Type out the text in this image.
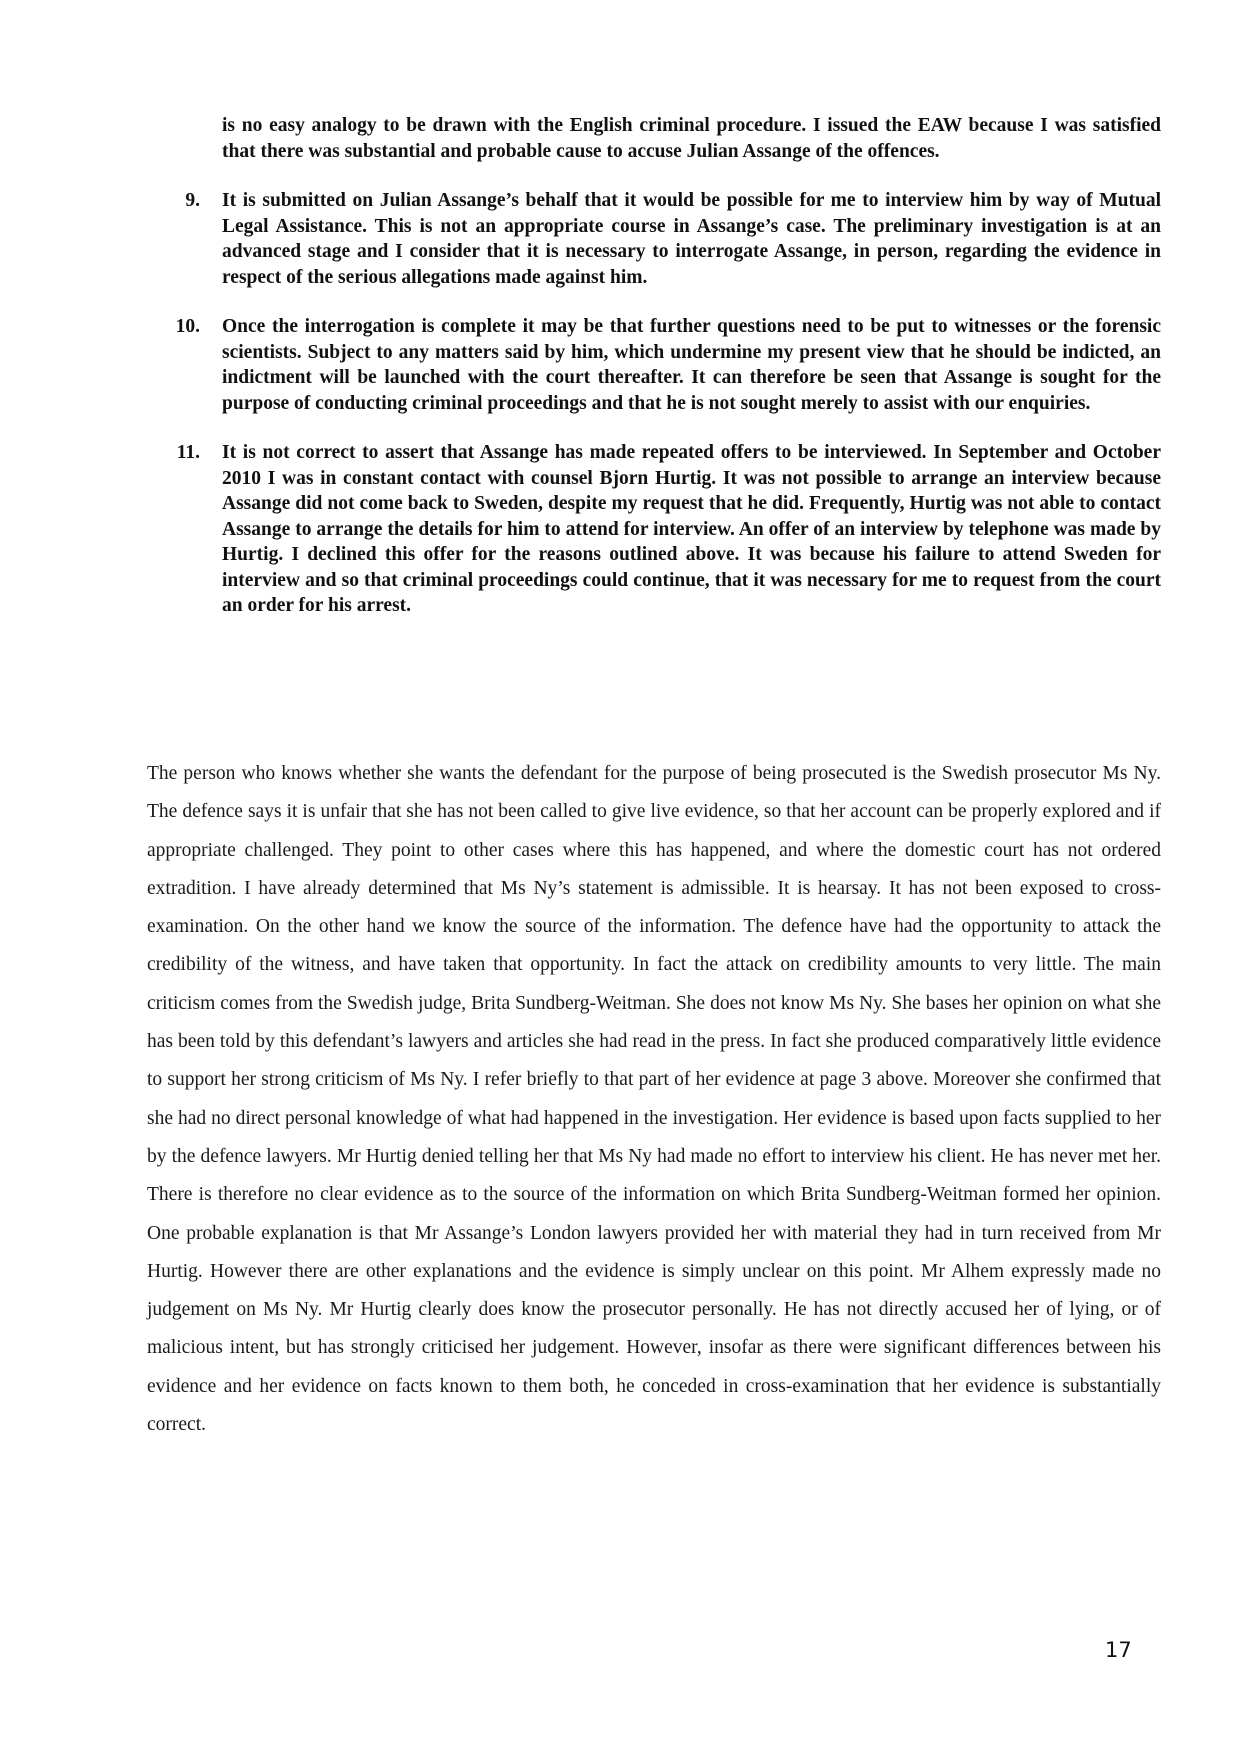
is no easy analogy to be drawn with the English criminal procedure. I issued the EAW because I was satisfied that there was substantial and probable cause to accuse Julian Assange of the offences.
9.	It is submitted on Julian Assange’s behalf that it would be possible for me to interview him by way of Mutual Legal Assistance. This is not an appropriate course in Assange’s case. The preliminary investigation is at an advanced stage and I consider that it is necessary to interrogate Assange, in person, regarding the evidence in respect of the serious allegations made against him.
10.	Once the interrogation is complete it may be that further questions need to be put to witnesses or the forensic scientists. Subject to any matters said by him, which undermine my present view that he should be indicted, an indictment will be launched with the court thereafter. It can therefore be seen that Assange is sought for the purpose of conducting criminal proceedings and that he is not sought merely to assist with our enquiries.
11.	It is not correct to assert that Assange has made repeated offers to be interviewed. In September and October 2010 I was in constant contact with counsel Bjorn Hurtig. It was not possible to arrange an interview because Assange did not come back to Sweden, despite my request that he did. Frequently, Hurtig was not able to contact Assange to arrange the details for him to attend for interview. An offer of an interview by telephone was made by Hurtig. I declined this offer for the reasons outlined above. It was because his failure to attend Sweden for interview and so that criminal proceedings could continue, that it was necessary for me to request from the court an order for his arrest.
The person who knows whether she wants the defendant for the purpose of being prosecuted is the Swedish prosecutor Ms Ny. The defence says it is unfair that she has not been called to give live evidence, so that her account can be properly explored and if appropriate challenged. They point to other cases where this has happened, and where the domestic court has not ordered extradition. I have already determined that Ms Ny’s statement is admissible. It is hearsay. It has not been exposed to cross-examination. On the other hand we know the source of the information. The defence have had the opportunity to attack the credibility of the witness, and have taken that opportunity. In fact the attack on credibility amounts to very little. The main criticism comes from the Swedish judge, Brita Sundberg-Weitman. She does not know Ms Ny. She bases her opinion on what she has been told by this defendant’s lawyers and articles she had read in the press. In fact she produced comparatively little evidence to support her strong criticism of Ms Ny. I refer briefly to that part of her evidence at page 3 above. Moreover she confirmed that she had no direct personal knowledge of what had happened in the investigation. Her evidence is based upon facts supplied to her by the defence lawyers. Mr Hurtig denied telling her that Ms Ny had made no effort to interview his client. He has never met her. There is therefore no clear evidence as to the source of the information on which Brita Sundberg-Weitman formed her opinion. One probable explanation is that Mr Assange’s London lawyers provided her with material they had in turn received from Mr Hurtig. However there are other explanations and the evidence is simply unclear on this point. Mr Alhem expressly made no judgement on Ms Ny. Mr Hurtig clearly does know the prosecutor personally. He has not directly accused her of lying, or of malicious intent, but has strongly criticised her judgement. However, insofar as there were significant differences between his evidence and her evidence on facts known to them both, he conceded in cross-examination that her evidence is substantially correct.
17
